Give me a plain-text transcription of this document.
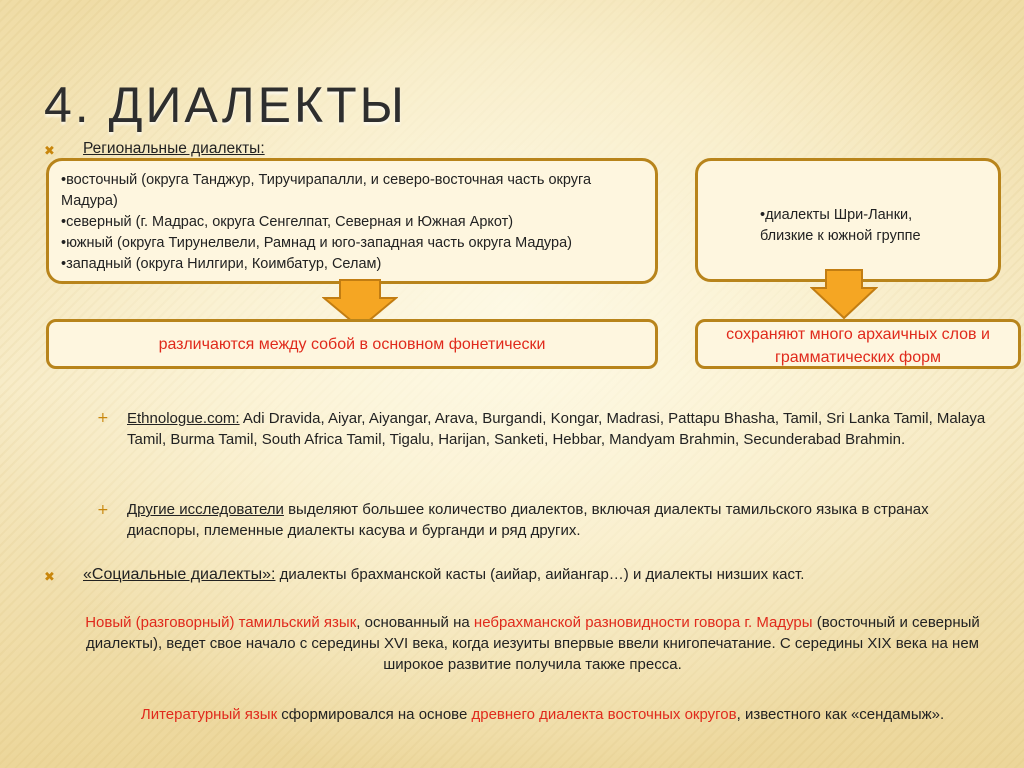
4. ДИАЛЕКТЫ
✖ Региональные диалекты:

•восточный (округа Танджур, Тиручирапалли, и северо-восточная часть округа Мадура)

•северный (г. Мадрас, округа Сенгелпат, Северная и Южная Аркот)

•южный (округа Тирунелвели, Рамнад и юго-западная часть округа Мадура)

•западный (округа Нилгири, Коимбатур, Селам)

•диалекты Шри-Ланки,

близкие к южной группе

различаются между собой в основном фонетически
сохраняют много архаичных слов и грамматических форм
+ Ethnologue.com: Adi Dravida, Aiyar, Aiyangar, Arava, Burgandi, Kongar, Madrasi, Pattapu Bhasha, Tamil, Sri Lanka Tamil, Malaya Tamil, Burma Tamil, South Africa Tamil, Tigalu, Harijan, Sanketi, Hebbar, Mandyam Brahmin, Secunderabad Brahmin.
+ Другие исследователи выделяют большее количество диалектов, включая диалекты тамильского языка в странах диаспоры, племенные диалекты касува и бурганди и ряд других.
✖ «Социальные диалекты»: диалекты брахманской касты (аийар, аийангар…) и диалекты низших каст.
Новый (разговорный) тамильский язык, основанный на небрахманской разновидности говора г. Мадуры (восточный и северный диалекты), ведет свое начало с середины XVI века, когда иезуиты впервые ввели книгопечатание. С середины XIX века на нем широкое развитие получила также пресса.
Литературный язык сформировался на основе древнего диалекта восточных округов, известного как «сендамыж».
